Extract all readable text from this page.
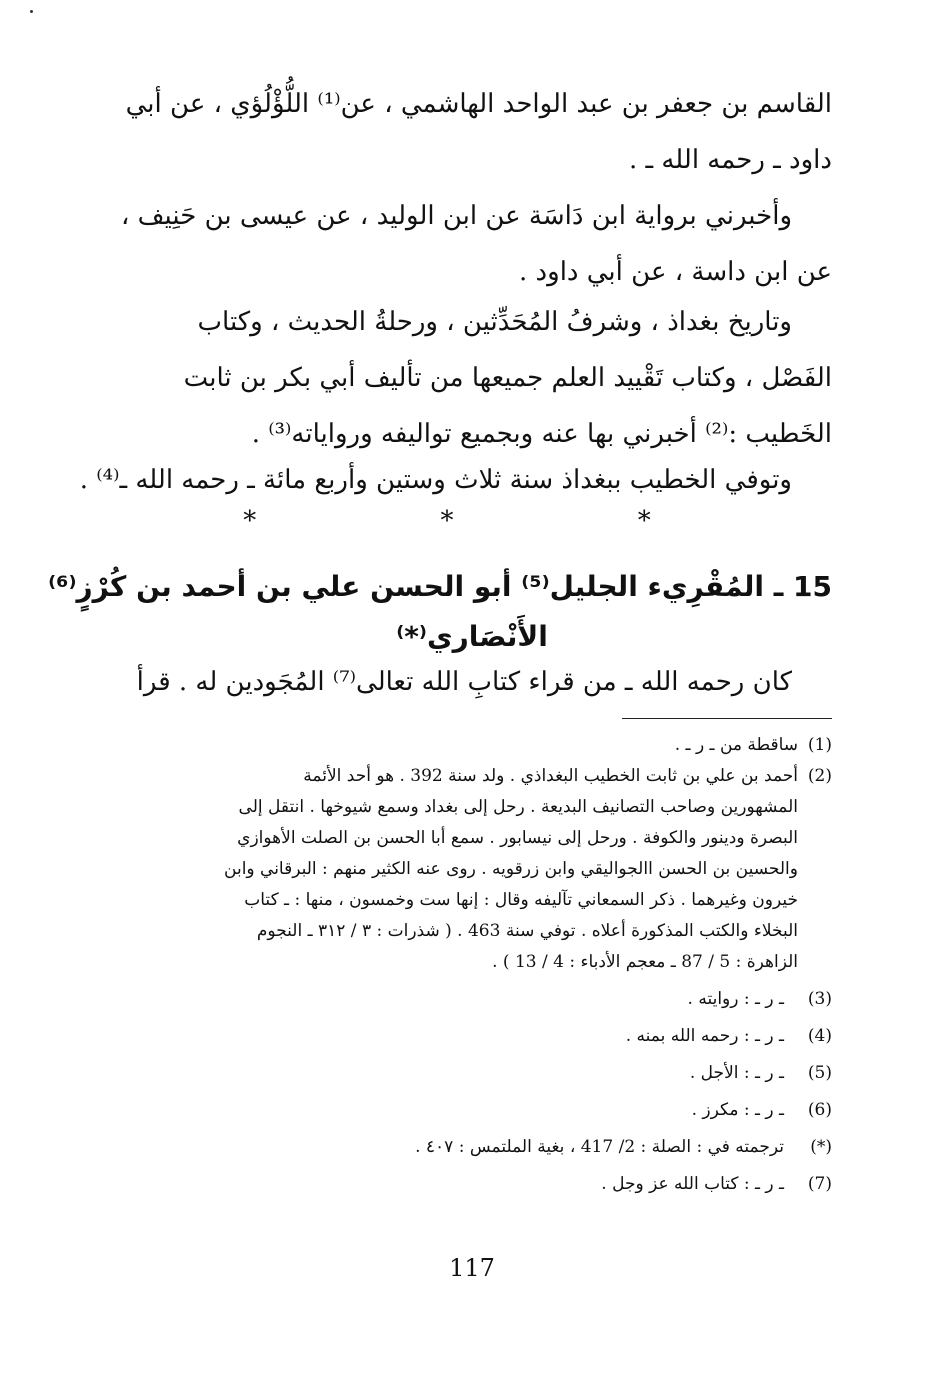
القاسم بن جعفر بن عبد الواحد الهاشمي ، عن⁽¹⁾ اللُّؤْلُؤي ، عن أبي
داود ـ رحمه الله ـ .

وأخبرني برواية ابن دَاسَة عن ابن الوليد ، عن عيسى بن حَنِيف ،
عن ابن داسة ، عن أبي داود .

وتاريخ بغداذ ، وشرفُ المُحَدِّثين ، ورحلةُ الحديث ، وكتاب
الفَصْل ، وكتاب تَقْييد العلم جميعها من تأليف أبي بكر بن ثابت
الخَطيب :⁽²⁾ أخبرني بها عنه وبجميع تواليفه ورواياته⁽³⁾ .

وتوفي الخطيب ببغداذ سنة ثلاث وستين وأربع مائة ـ رحمه الله ـ⁽⁴⁾ .

*	*	*
15 ـ المُقْرِيء الجليل⁽⁵⁾ أبو الحسن علي بن أحمد بن كُرْزٍ⁽⁶⁾
الأَنْصَاري⁽*⁾

كان رحمه الله ـ من قراء كتابِ الله تعالى⁽⁷⁾ المُجَودين له . قرأ

(1)
ساقطة من ـ ر ـ .
(2)
أحمد بن علي بن ثابت الخطيب البغداذي . ولد سنة 392 . هو أحد الأئمة
المشهورين وصاحب التصانيف البديعة . رحل إلى بغداد وسمع شيوخها . انتقل إلى
البصرة ودينور والكوفة . ورحل إلى نيسابور . سمع أبا الحسن بن الصلت الأهوازي
والحسين بن الحسن االجواليقي وابن زرقويه . روى عنه الكثير منهم : البرقاني وابن
خيرون وغيرهما . ذكر السمعاني تآليفه وقال : إنها ست وخمسون ، منها : ـ كتاب
البخلاء والكتب المذكورة أعلاه . توفي سنة 463 . ( شذرات : ٣ / ٣١٢ ـ النجوم
الزاهرة : 5 / 87 ـ معجم الأدباء : 4 / 13 ) .
(3)
ـ ر ـ : روايته .
(4)
ـ ر ـ : رحمه الله بمنه .
(5)
ـ ر ـ : الأجل .
(6)
ـ ر ـ : مكرز .
(*)
ترجمته في : الصلة : 2/ 417 ، بغية الملتمس : ٤٠٧ .
(7)
ـ ر ـ : كتاب الله عز وجل .
117
